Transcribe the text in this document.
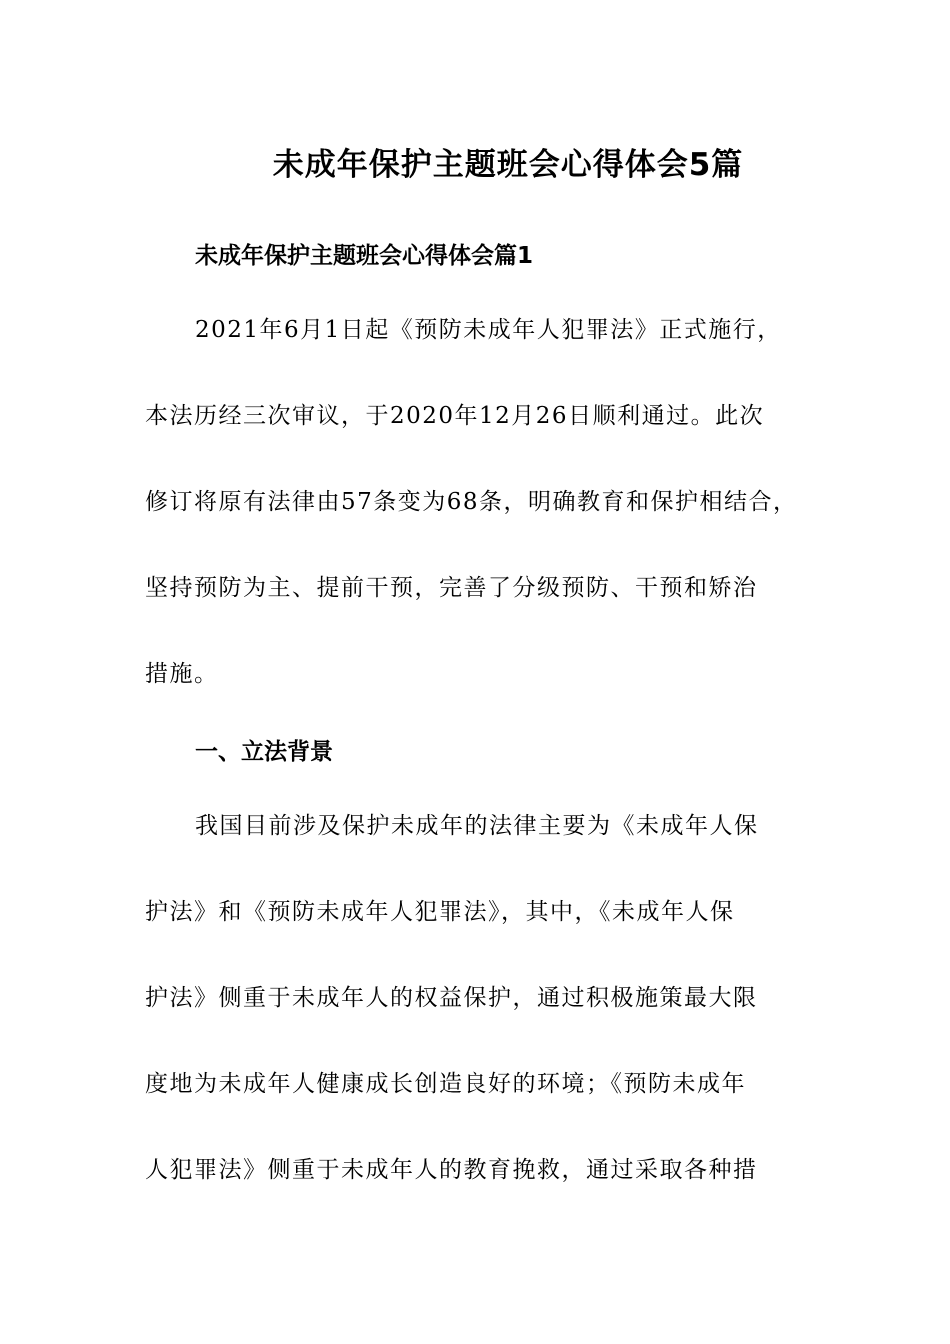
未成年保护主题班会心得体会5篇
未成年保护主题班会心得体会篇1
2021年6月1日起《预防未成年人犯罪法》正式施行，
本法历经三次审议，于2020年12月26日顺利通过。此次
修订将原有法律由57条变为68条，明确教育和保护相结合，
坚持预防为主、提前干预，完善了分级预防、干预和矫治
措施。
一、立法背景
我国目前涉及保护未成年的法律主要为《未成年人保
护法》和《预防未成年人犯罪法》，其中，《未成年人保
护法》侧重于未成年人的权益保护，通过积极施策最大限
度地为未成年人健康成长创造良好的环境；《预防未成年
人犯罪法》侧重于未成年人的教育挽救，通过采取各种措
